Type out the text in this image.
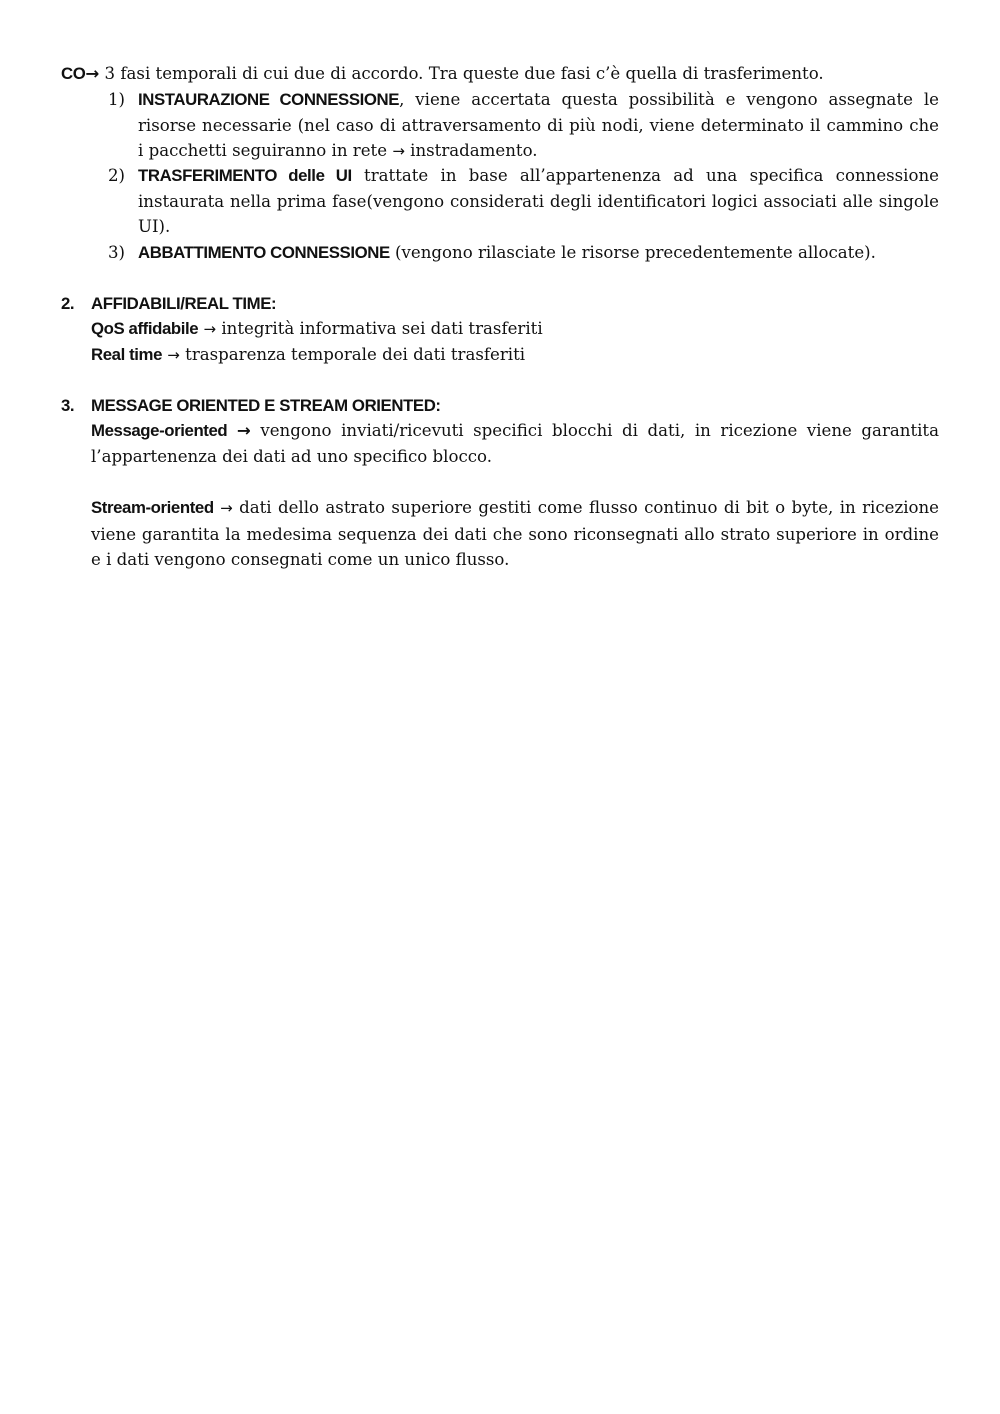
CO→ 3 fasi temporali di cui due di accordo. Tra queste due fasi c’è quella di trasferimento.
1) INSTAURAZIONE CONNESSIONE, viene accertata questa possibilità e vengono assegnate le risorse necessarie (nel caso di attraversamento di più nodi, viene determinato il cammino che i pacchetti seguiranno in rete → instradamento.
2) TRASFERIMENTO delle UI trattate in base all’appartenenza ad una specifica connessione instaurata nella prima fase(vengono considerati degli identificatori logici associati alle singole UI).
3) ABBATTIMENTO CONNESSIONE (vengono rilasciate le risorse precedentemente allocate).
2. AFFIDABILI/REAL TIME:
QoS affidabile → integrità informativa sei dati trasferiti
Real time → trasparenza temporale dei dati trasferiti
3. MESSAGE ORIENTED E STREAM ORIENTED:
Message-oriented → vengono inviati/ricevuti specifici blocchi di dati, in ricezione viene garantita l’appartenenza dei dati ad uno specifico blocco.
Stream-oriented → dati dello astrato superiore gestiti come flusso continuo di bit o byte, in ricezione viene garantita la medesima sequenza dei dati che sono riconsegnati allo strato superiore in ordine e i dati vengono consegnati come un unico flusso.
